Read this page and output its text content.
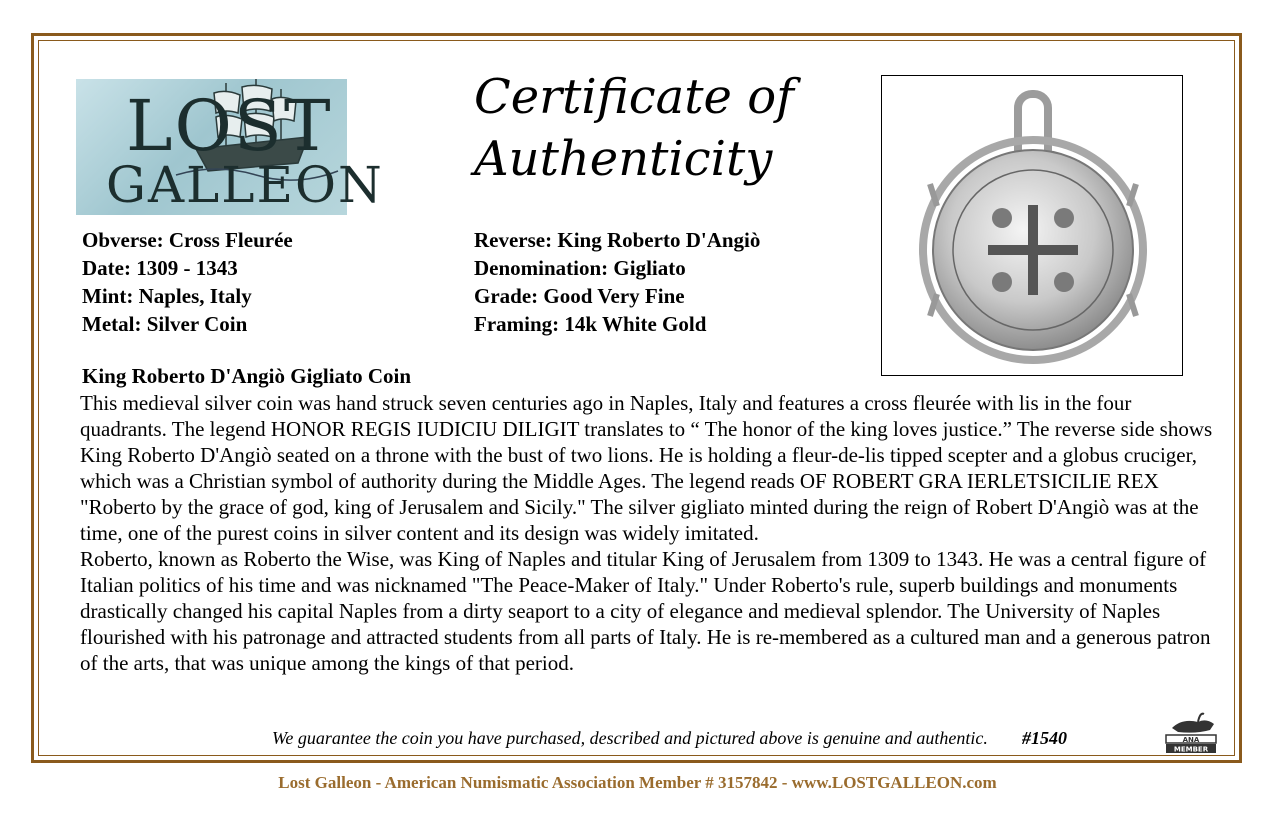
LOST
GALLEON
Certificate of
Authenticity
Obverse: Cross Fleurée
Date: 1309 - 1343
Mint: Naples, Italy
Metal: Silver Coin
Reverse: King Roberto D'Angiò
Denomination: Gigliato
Grade: Good Very Fine
Framing: 14k White Gold
King Roberto D'Angiò Gigliato Coin

This medieval silver coin was hand struck seven centuries ago in Naples, Italy and features a cross fleurée with lis in the four quadrants. The legend HONOR REGIS IUDICIU DILIGIT translates to “ The honor of the king loves justice.” The reverse side shows King Roberto D'Angiò seated on a throne with the bust of two lions. He is holding a fleur-de-lis tipped scepter and a globus cruciger, which was a Christian symbol of authority during the Middle Ages. The legend reads OF ROBERT GRA IERLETSICILIE REX "Roberto by the grace of god, king of Jerusalem and Sicily." The silver gigliato minted during the reign of Robert D'Angiò was at the time, one of the purest coins in silver content and its design was widely imitated.

Roberto, known as Roberto the Wise, was King of Naples and titular King of Jerusalem from 1309 to 1343. He was a central figure of Italian politics of his time and was nicknamed "The Peace-Maker of Italy." Under Roberto's rule, superb buildings and monuments drastically changed his capital Naples from a dirty seaport to a city of elegance and medieval splendor. The University of Naples flourished with his patronage and attracted students from all parts of Italy. He is re-membered as a cultured man and a generous patron of the arts, that was unique among the kings of that period.

We guarantee the coin you have purchased, described and pictured above is genuine and authentic. #1540	ANA
MEMBER
Lost Galleon - American Numismatic Association Member # 3157842 - www.LOSTGALLEON.com
